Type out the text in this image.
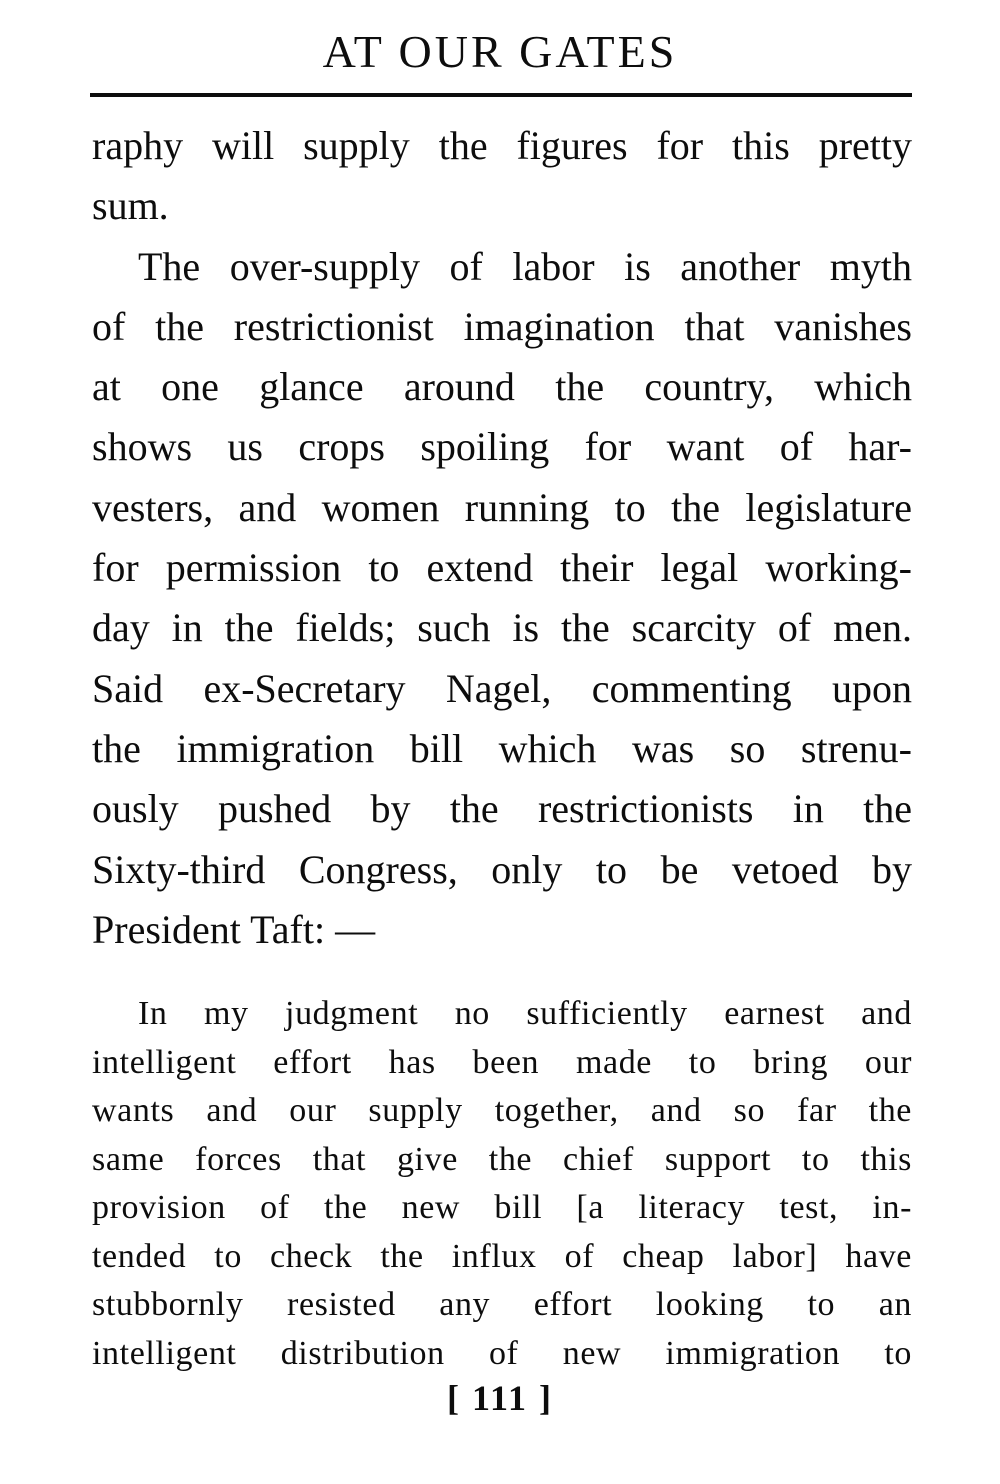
AT OUR GATES
raphy will supply the figures for this pretty
sum.
The over-supply of labor is another myth
of the restrictionist imagination that vanishes
at one glance around the country, which
shows us crops spoiling for want of har-
vesters, and women running to the legislature
for permission to extend their legal working-
day in the fields; such is the scarcity of men.
Said ex-Secretary Nagel, commenting upon
the immigration bill which was so strenu-
ously pushed by the restrictionists in the
Sixty-third Congress, only to be vetoed by
President Taft: —
In my judgment no sufficiently earnest and
intelligent effort has been made to bring our
wants and our supply together, and so far the
same forces that give the chief support to this
provision of the new bill [a literacy test, in-
tended to check the influx of cheap labor] have
stubbornly resisted any effort looking to an
intelligent distribution of new immigration to
[ 111 ]
